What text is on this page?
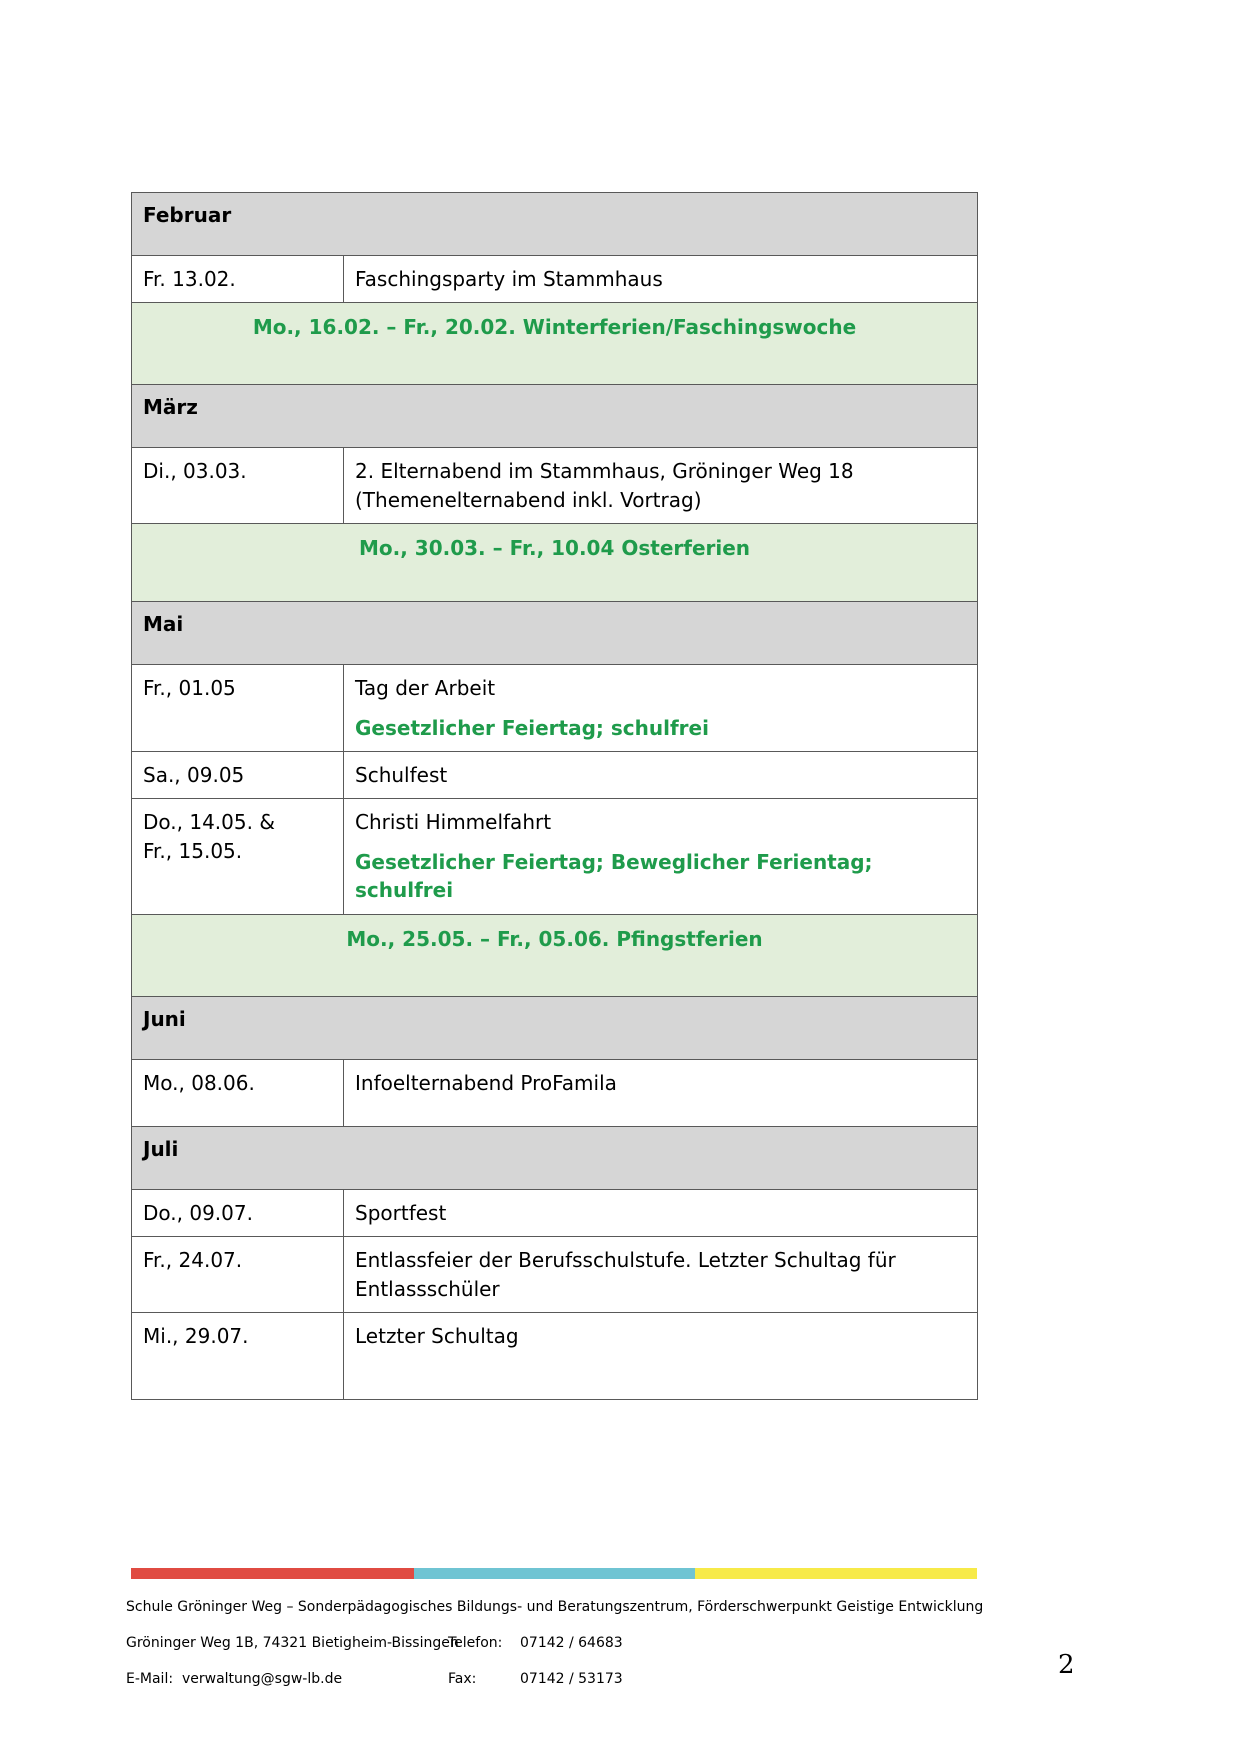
Februar	
Fr. 13.02.	Faschingsparty im Stammhaus

Mo., 16.02. – Fr., 20.02. Winterferien/Faschingswoche	
März	
Di., 03.03.	2. Elternabend im Stammhaus, Gröninger Weg 18
(Themenelternabend inkl. Vortrag)

Mo., 30.03. – Fr., 10.04 Osterferien	
Mai	
Fr., 01.05	Tag der Arbeit
Gesetzlicher Feiertag; schulfrei

Sa., 09.05	Schulfest

Do., 14.05. &
Fr., 15.05.	Christi Himmelfahrt
Gesetzlicher Feiertag; Beweglicher Ferientag; schulfrei

Mo., 25.05. – Fr., 05.06. Pfingstferien	
Juni	
Mo., 08.06.	Infoelternabend ProFamila

Juli	
Do., 09.07.	Sportfest

Fr., 24.07.	Entlassfeier der Berufsschulstufe. Letzter Schultag für
Entlassschüler

Mi., 29.07.	Letzter Schultag
Schule Gröninger Weg – Sonderpädagogisches Bildungs- und Beratungszentrum, Förderschwerpunkt Geistige Entwicklung
Gröninger Weg 1B, 74321 Bietigheim-Bissingen
Telefon:	07142 / 64683
E-Mail: verwaltung@sgw-lb.de	Fax:	07142 / 53173	2
